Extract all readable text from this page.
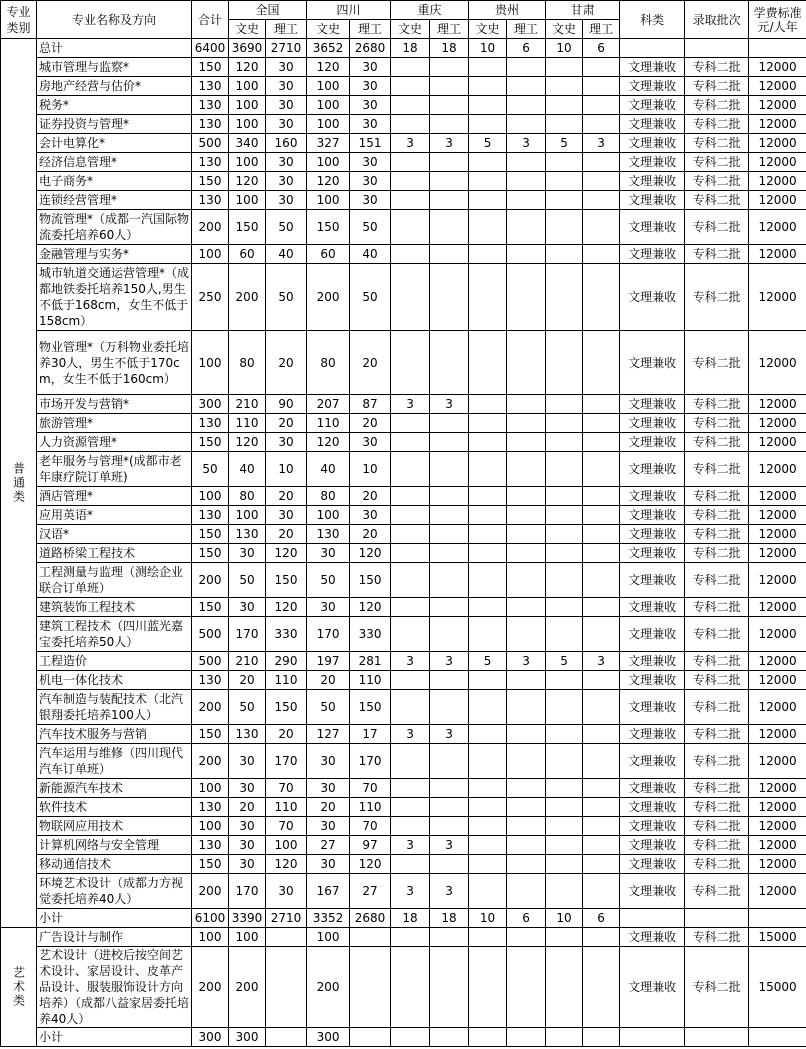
专业类别	专业名称及方向	合计	全国		四川		重庆		贵州		甘肃		科类	录取批次	学费标准元/人年
			文史	理工	文史	理工	文史	理工	文史	理工	文史	理工			
普通类	总计	6400	3690	2710	3652	2680	18	18	10	6	10	6			
	城市管理与监察*	150	120	30	120	30							文理兼收	专科二批	12000
	房地产经营与估价*	130	100	30	100	30							文理兼收	专科二批	12000
	税务*	130	100	30	100	30							文理兼收	专科二批	12000
	证券投资与管理*	130	100	30	100	30							文理兼收	专科二批	12000
	会计电算化*	500	340	160	327	151	3	3	5	3	5	3	文理兼收	专科二批	12000
	经济信息管理*	130	100	30	100	30							文理兼收	专科二批	12000
	电子商务*	150	120	30	120	30							文理兼收	专科二批	12000
	连锁经营管理*	130	100	30	100	30							文理兼收	专科二批	12000
	物流管理*（成都一汽国际物流委托培养60人）	200	150	50	150	50							文理兼收	专科二批	12000
	金融管理与实务*	100	60	40	60	40							文理兼收	专科二批	12000
	城市轨道交通运营管理*（成都地铁委托培养150人,男生不低于168cm，女生不低于158cm）	250	200	50	200	50							文理兼收	专科二批	12000
	物业管理*（万科物业委托培养30人，男生不低于170cm，女生不低于160cm）	100	80	20	80	20							文理兼收	专科二批	12000
	市场开发与营销*	300	210	90	207	87	3	3					文理兼收	专科二批	12000
	旅游管理*	130	110	20	110	20							文理兼收	专科二批	12000
	人力资源管理*	150	120	30	120	30							文理兼收	专科二批	12000
	老年服务与管理*(成都市老年康疗院订单班)	50	40	10	40	10							文理兼收	专科二批	12000
	酒店管理*	100	80	20	80	20							文理兼收	专科二批	12000
	应用英语*	130	100	30	100	30							文理兼收	专科二批	12000
	汉语*	150	130	20	130	20							文理兼收	专科二批	12000
	道路桥梁工程技术	150	30	120	30	120							文理兼收	专科二批	12000
	工程测量与监理（测绘企业联合订单班）	200	50	150	50	150							文理兼收	专科二批	12000
	建筑装饰工程技术	150	30	120	30	120							文理兼收	专科二批	12000
	建筑工程技术（四川蓝光嘉宝委托培养50人）	500	170	330	170	330							文理兼收	专科二批	12000
	工程造价	500	210	290	197	281	3	3	5	3	5	3	文理兼收	专科二批	12000
	机电一体化技术	130	20	110	20	110							文理兼收	专科二批	12000
	汽车制造与装配技术（北汽银翔委托培养100人）	200	50	150	50	150							文理兼收	专科二批	12000
	汽车技术服务与营销	150	130	20	127	17	3	3					文理兼收	专科二批	12000
	汽车运用与维修（四川现代汽车订单班）	200	30	170	30	170							文理兼收	专科二批	12000
	新能源汽车技术	100	30	70	30	70							文理兼收	专科二批	12000
	软件技术	130	20	110	20	110							文理兼收	专科二批	12000
	物联网应用技术	100	30	70	30	70							文理兼收	专科二批	12000
	计算机网络与安全管理	130	30	100	27	97	3	3					文理兼收	专科二批	12000
	移动通信技术	150	30	120	30	120							文理兼收	专科二批	12000
	环境艺术设计（成都力方视觉委托培养40人）	200	170	30	167	27	3	3					文理兼收	专科二批	12000
	小计	6100	3390	2710	3352	2680	18	18	10	6	10	6			
艺术类	广告设计与制作	100	100		100								文理兼收	专科二批	15000
	艺术设计（进校后按空间艺术设计、家居设计、皮革产品设计、服装服饰设计方向培养）（成都八益家居委托培养40人）	200	200		200								文理兼收	专科二批	15000
	小计	300	300		300										
